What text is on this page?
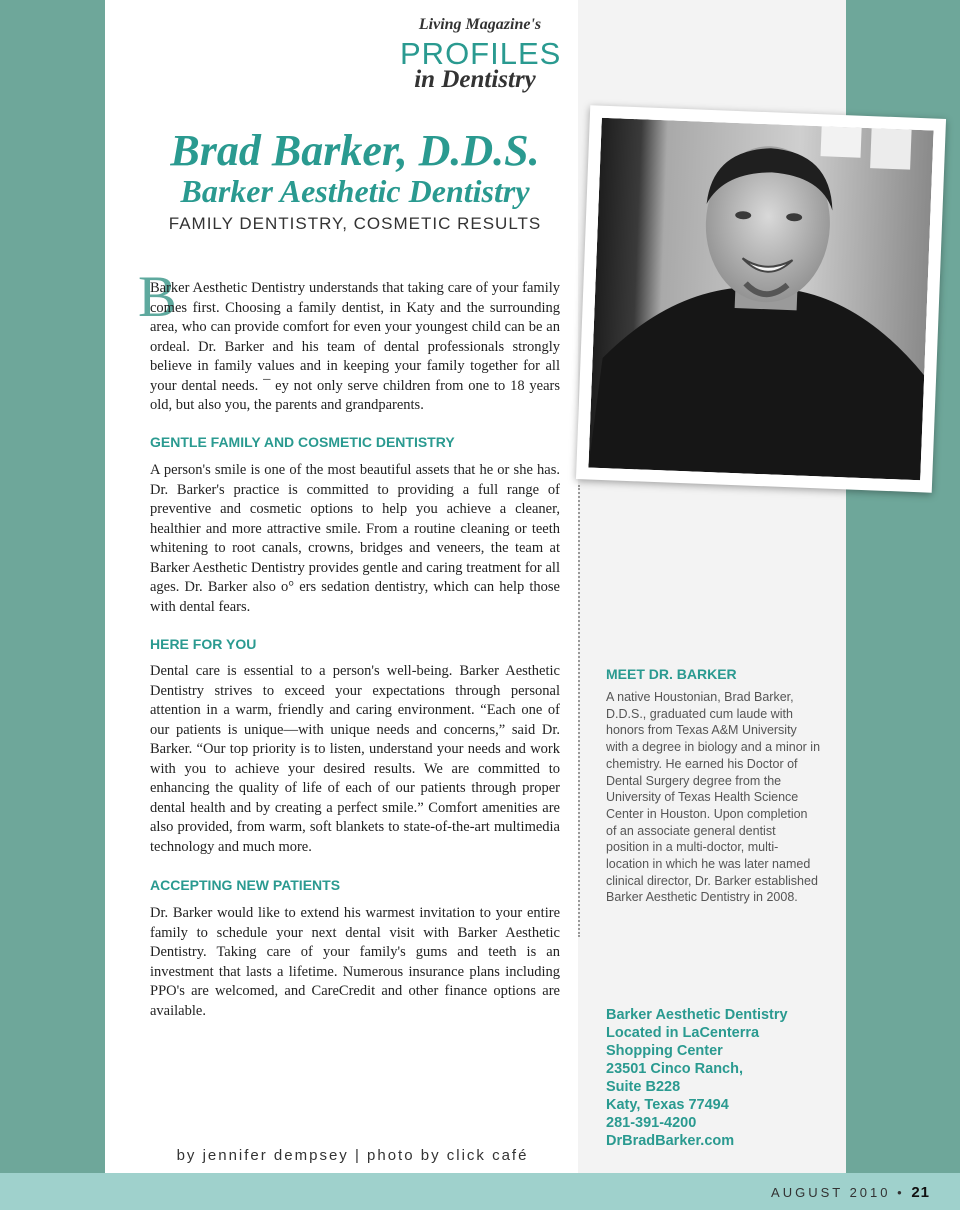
Living Magazine's
PROFILES
in Dentistry
Brad Barker, D.D.S.
Barker Aesthetic Dentistry
FAMILY DENTISTRY, COSMETIC RESULTS
B

Barker Aesthetic Dentistry understands that taking care of your family comes first. Choosing a family dentist, in Katy and the surrounding area, who can provide comfort for even your youngest child can be an ordeal. Dr. Barker and his team of dental professionals strongly believe in family values and in keeping your family together for all your dental needs. ¯ ey not only serve children from one to 18 years old, but also you, the parents and grandparents.

GENTLE FAMILY AND COSMETIC DENTISTRY

A person's smile is one of the most beautiful assets that he or she has. Dr. Barker's practice is committed to providing a full range of preventive and cosmetic options to help you achieve a cleaner, healthier and more attractive smile. From a routine cleaning or teeth whitening to root canals, crowns, bridges and veneers, the team at Barker Aesthetic Dentistry provides gentle and caring treatment for all ages. Dr. Barker also o° ers sedation dentistry, which can help those with dental fears.

HERE FOR YOU

Dental care is essential to a person's well-being. Barker Aesthetic Dentistry strives to exceed your expectations through personal attention in a warm, friendly and caring environment. “Each one of our patients is unique—with unique needs and concerns,” said Dr. Barker. “Our top priority is to listen, understand your needs and work with you to achieve your desired results. We are committed to enhancing the quality of life of each of our patients through proper dental health and by creating a perfect smile.” Comfort amenities are also provided, from warm, soft blankets to state-of-the-art multimedia technology and much more.

ACCEPTING NEW PATIENTS

Dr. Barker would like to extend his warmest invitation to your entire family to schedule your next dental visit with Barker Aesthetic Dentistry. Taking care of your family's gums and teeth is an investment that lasts a lifetime. Numerous insurance plans including PPO's are welcomed, and CareCredit and other finance options are available.

MEET DR. BARKER

A native Houstonian, Brad Barker, D.D.S., graduated cum laude with honors from Texas A&M University with a degree in biology and a minor in chemistry. He earned his Doctor of Dental Surgery degree from the University of Texas Health Science Center in Houston. Upon completion of an associate general dentist position in a multi-doctor, multi-location in which he was later named clinical director, Dr. Barker established Barker Aesthetic Dentistry in 2008.

Barker Aesthetic Dentistry
Located in LaCenterra
Shopping Center
23501 Cinco Ranch,
Suite B228
Katy, Texas 77494
281-391-4200
DrBradBarker.com
by jennifer dempsey | photo by click café
AUGUST 2010 • 21
